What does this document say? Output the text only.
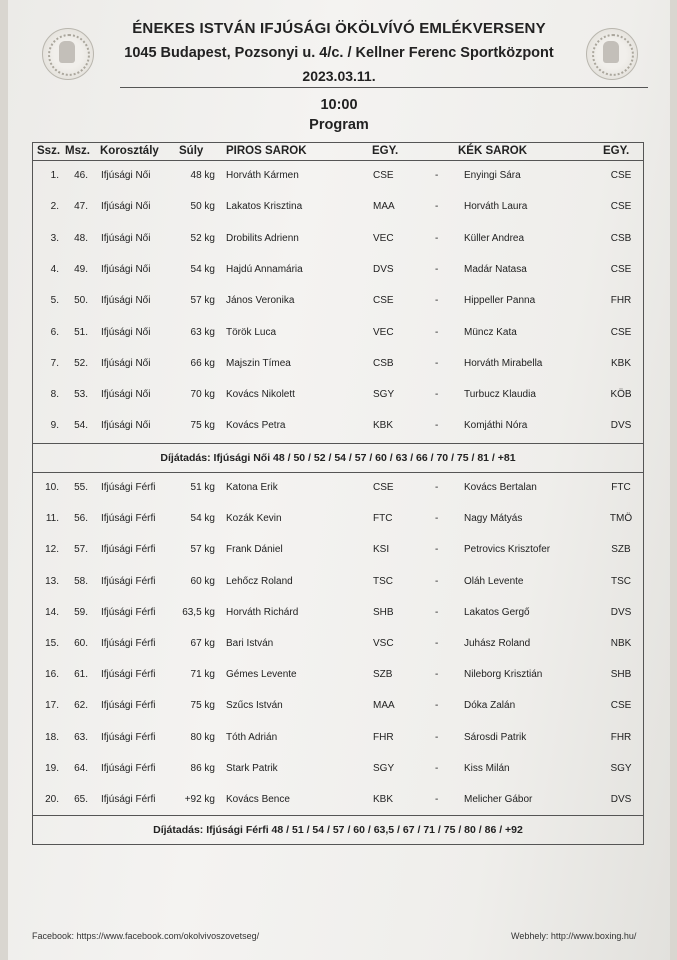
ÉNEKES ISTVÁN IFJÚSÁGI ÖKÖLVÍVÓ EMLÉKVERSENY
1045 Budapest, Pozsonyi u. 4/c. / Kellner Ferenc Sportközpont
2023.03.11.
10:00
Program
Ssz. Msz. Korosztály Súly PIROS SAROK	EGY.	KÉK SAROK	EGY.
1.	46. Ifjúsági Női	48 kg Horváth Kármen	CSE	-	Enyingi Sára	CSE
2.	47. Ifjúsági Női	50 kg Lakatos Krisztina	MAA	-	Horváth Laura	CSE
3.	48. Ifjúsági Női	52 kg Drobilits Adrienn	VEC	-	Küller Andrea	CSB
4.	49. Ifjúsági Női	54 kg Hajdú Annamária	DVS	-	Madár Natasa	CSE
5.	50. Ifjúsági Női	57 kg János Veronika	CSE	-	Hippeller Panna	FHR
6.	51. Ifjúsági Női	63 kg Török Luca	VEC	-	Müncz Kata	CSE
7.	52. Ifjúsági Női	66 kg Majszin Tímea	CSB	-	Horváth Mirabella	KBK
8.	53. Ifjúsági Női	70 kg Kovács Nikolett	SGY	-	Turbucz Klaudia	KÖB
9.	54. Ifjúsági Női	75 kg Kovács Petra	KBK	-	Komjáthi Nóra	DVS
Díjátadás: Ifjúsági Női 48 / 50 / 52 / 54 / 57 / 60 / 63 / 66 / 70 / 75 / 81 / +81
10.	55. Ifjúsági Férfi	51 kg Katona Erik	CSE	-	Kovács Bertalan	FTC
11.	56. Ifjúsági Férfi	54 kg Kozák Kevin	FTC	-	Nagy Mátyás	TMÖ
12.	57. Ifjúsági Férfi	57 kg Frank Dániel	KSI	-	Petrovics Krisztofer	SZB
13.	58. Ifjúsági Férfi	60 kg Lehőcz Roland	TSC	-	Oláh Levente	TSC
14.	59. Ifjúsági Férfi	63,5 kg Horváth Richárd	SHB	-	Lakatos Gergő	DVS
15.	60. Ifjúsági Férfi	67 kg Bari István	VSC	-	Juhász Roland	NBK
16.	61. Ifjúsági Férfi	71 kg Gémes Levente	SZB	-	Nileborg Krisztián	SHB
17.	62. Ifjúsági Férfi	75 kg Szűcs István	MAA	-	Dóka Zalán	CSE
18.	63. Ifjúsági Férfi	80 kg Tóth Adrián	FHR	-	Sárosdi Patrik	FHR
19.	64. Ifjúsági Férfi	86 kg Stark Patrik	SGY	-	Kiss Milán	SGY
20.	65. Ifjúsági Férfi	+92 kg Kovács Bence	KBK	-	Melicher Gábor	DVS
Díjátadás: Ifjúsági Férfi 48 / 51 / 54 / 57 / 60 / 63,5 / 67 / 71 / 75 / 80 / 86 / +92
Facebook: https://www.facebook.com/okolvivoszovetseg/	Webhely: http://www.boxing.hu/
